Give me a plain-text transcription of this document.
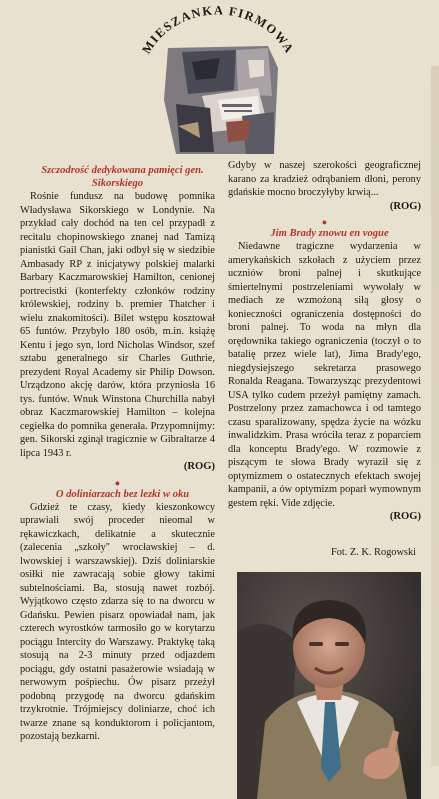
MIESZANKA FIRMOWA

Szczodrość dedykowana pamięci gen. Sikorskiego

Rośnie fundusz na budowę pomnika Władysława Sikorskiego w Londynie. Na przykład cały dochód na ten cel przypadł z recitalu chopinowskiego znanej nad Tamizą pianistki Gail Chan, jaki odbył się w siedzibie Ambasady RP z inicjatywy polskiej malarki Barbary Kaczmarowskiej Hamilton, cenionej portrecistki (konterfekty członków rodziny królewskiej, rodziny b. premier Thatcher i wielu znakomitości). Bilet wstępu kosztował 65 funtów. Przybyło 180 osób, m.in. książę Kentu i jego syn, lord Nicholas Windsor, szef sztabu generalnego sir Charles Guthrie, prezydent Royal Academy sir Philip Dowson. Urządzono akcję darów, która przyniosła 16 tys. funtów. Wnuk Winstona Churchilla nabył obraz Kaczmarowskiej Hamilton – kolejna cegiełka do pomnika generała. Przypomnijmy: gen. Sikorski zginął tragicznie w Gibraltarze 4 lipca 1943 r.

(ROG)
●

O doliniarzach bez lezki w oku

Gdzież te czasy, kiedy kieszonkowcy uprawiali swój proceder nieomal w rękawiczkach, delikatnie a skutecznie (zalecenia „szkoły" wrocławskiej – d. lwowskiej i warszawskiej). Dziś doliniarskie osiłki nie zawracają sobie głowy takimi subtelnościami. Ba, stosują nawet rozbój. Wyjątkowo często zdarza się to na dworcu w Gdańsku. Pewien pisarz opowiadał nam, jak czterech wyrostków tarmosiło go w korytarzu pociągu Intercity do Warszawy. Praktykę taką stosują na 2-3 minuty przed odjazdem pociągu, gdy ostatni pasażerowie wsiadają w nerwowym pośpiechu. Ów pisarz przeżył podobną przygodę na dworcu gdańskim trzykrotnie. Trójmiejscy doliniarze, choć ich twarze znane są konduktorom i policjantom, pozostają bezkarni.

Gdyby w naszej szerokości geograficznej karano za kradzież odrąbaniem dłoni, perony gdańskie mocno broczyłyby krwią...

(ROG)
●

Jim Brady znowu en vogue

Niedawne tragiczne wydarzenia w amerykańskich szkołach z użyciem przez uczniów broni palnej i skutkujące śmiertelnymi postrzeleniami wywołały w mediach ze wzmożoną siłą głosy o konieczności ograniczenia dostępności do broni palnej. To woda na młyn dla orędownika takiego ograniczenia (toczył o to batalię przez wiele lat), Jima Brady'ego, niegdysiejszego sekretarza prasowego Ronalda Reagana. Towarzysząc prezydentowi USA tylko cudem przeżył pamiętny zamach. Postrzelony przez zamachowca i od tamtego czasu sparalizowany, spędza życie na wózku inwalidzkim. Prasa wróciła teraz z poparciem dla konceptu Brady'ego. W rozmowie z piszącym te słowa Brady wyraził się z optymizmem o ostatecznych efektach swojej kampanii, a ów optymizm poparł wymownym gestem ręki. Vide zdjęcie.

(ROG)
Fot. Z. K. Rogowski
